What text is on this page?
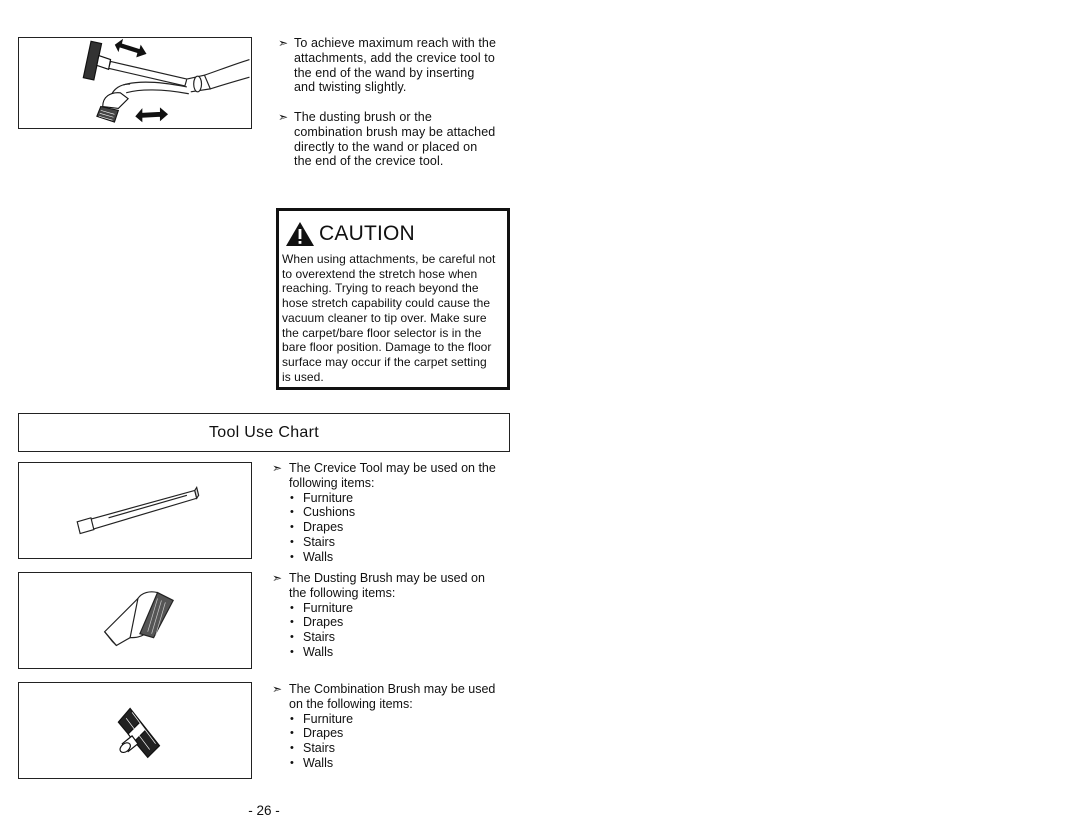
➣ To achieve maximum reach with the
attachments, add the crevice tool to
the end of the wand by inserting
and twisting slightly.
➣ The dusting brush or the
combination brush may be attached
directly to the wand or placed on
the end of the crevice tool.
CAUTION
When using attachments, be careful not
to overextend the stretch hose when
reaching. Trying to reach beyond the
hose stretch capability could cause the
vacuum cleaner to tip over. Make sure
the carpet/bare floor selector is in the
bare floor position. Damage to the floor
surface may occur if the carpet setting
is used.
Tool Use Chart
➣ The Crevice Tool may be used on the
following items:
• Furniture
• Cushions
• Drapes
• Stairs
• Walls
➣ The Dusting Brush may be used on
the following items:
• Furniture
• Drapes
• Stairs
• Walls
➣ The Combination Brush may be used
on the following items:
• Furniture
• Drapes
• Stairs
• Walls
- 26 -
